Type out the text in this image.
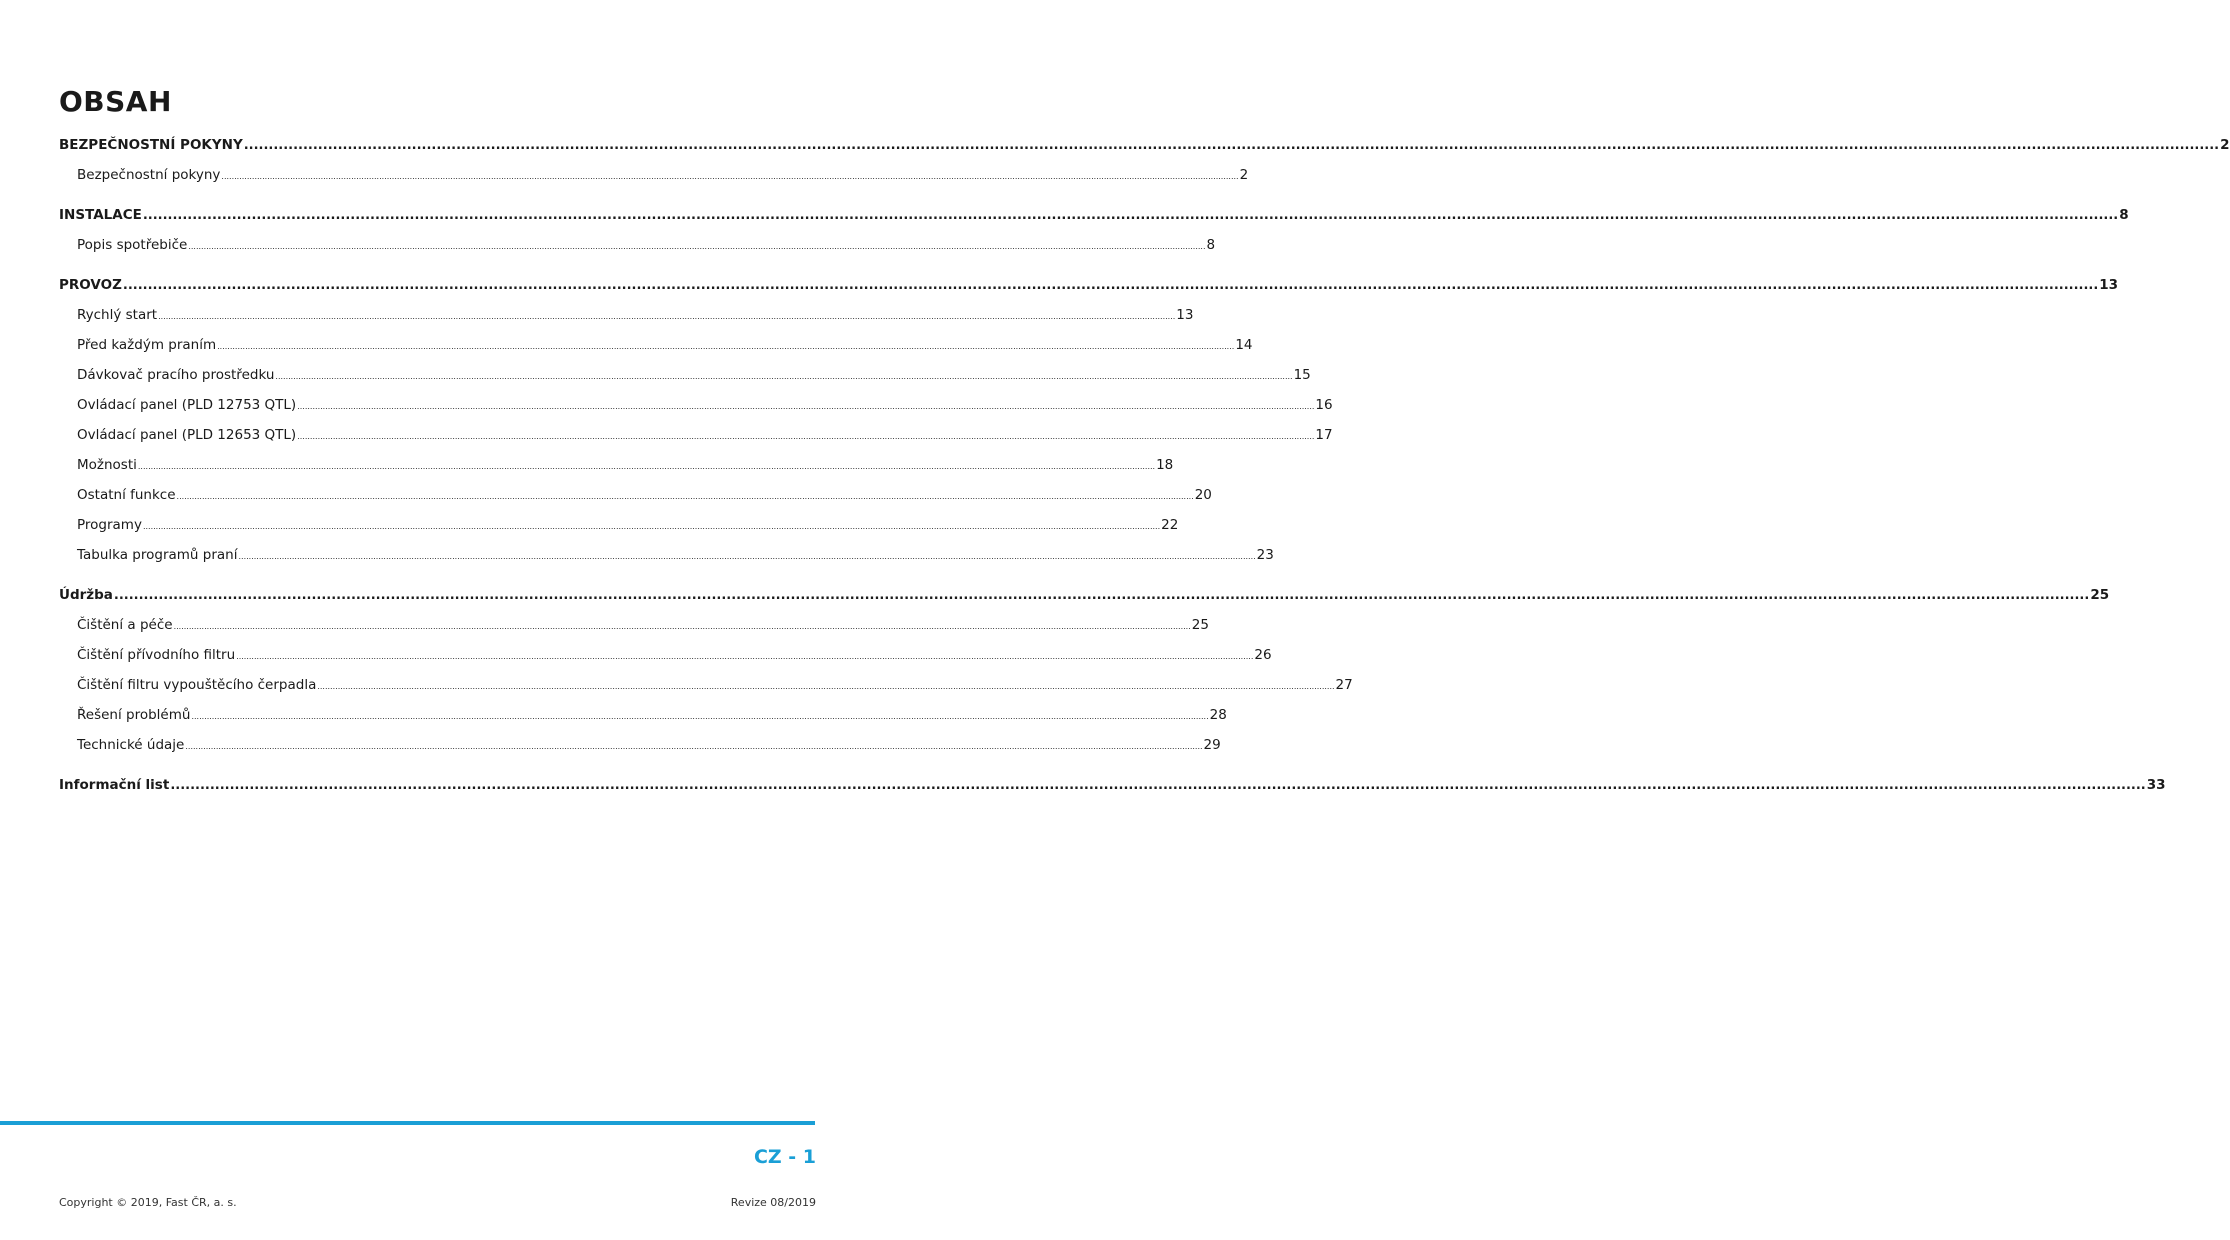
OBSAH
BEZPEČNOSTNÍ POKYNY ................................................................................................................................................................................................................................................................................................................................................................................................................ 2
Bezpečnostní pokyny ................................................................................................................................................................................................................................................................................................................................................................................................................ 2
INSTALACE ................................................................................................................................................................................................................................................................................................................................................................................................................ 8
Popis spotřebiče ................................................................................................................................................................................................................................................................................................................................................................................................................ 8
PROVOZ ................................................................................................................................................................................................................................................................................................................................................................................................................ 13
Rychlý start ................................................................................................................................................................................................................................................................................................................................................................................................................ 13
Před každým praním ................................................................................................................................................................................................................................................................................................................................................................................................................ 14
Dávkovač pracího prostředku ................................................................................................................................................................................................................................................................................................................................................................................................................ 15
Ovládací panel (PLD 12753 QTL) ................................................................................................................................................................................................................................................................................................................................................................................................................ 16
Ovládací panel (PLD 12653 QTL) ................................................................................................................................................................................................................................................................................................................................................................................................................ 17
Možnosti ................................................................................................................................................................................................................................................................................................................................................................................................................ 18
Ostatní funkce ................................................................................................................................................................................................................................................................................................................................................................................................................ 20
Programy ................................................................................................................................................................................................................................................................................................................................................................................................................ 22
Tabulka programů praní ................................................................................................................................................................................................................................................................................................................................................................................................................ 23
Údržba ................................................................................................................................................................................................................................................................................................................................................................................................................ 25
Čištění a péče ................................................................................................................................................................................................................................................................................................................................................................................................................ 25
Čištění přívodního filtru ................................................................................................................................................................................................................................................................................................................................................................................................................ 26
Čištění filtru vypouštěcího čerpadla ................................................................................................................................................................................................................................................................................................................................................................................................................ 27
Řešení problémů ................................................................................................................................................................................................................................................................................................................................................................................................................ 28
Technické údaje ................................................................................................................................................................................................................................................................................................................................................................................................................ 29
Informační list ................................................................................................................................................................................................................................................................................................................................................................................................................ 33
CZ - 1
Copyright © 2019, Fast ČR, a. s.	Revize 08/2019
